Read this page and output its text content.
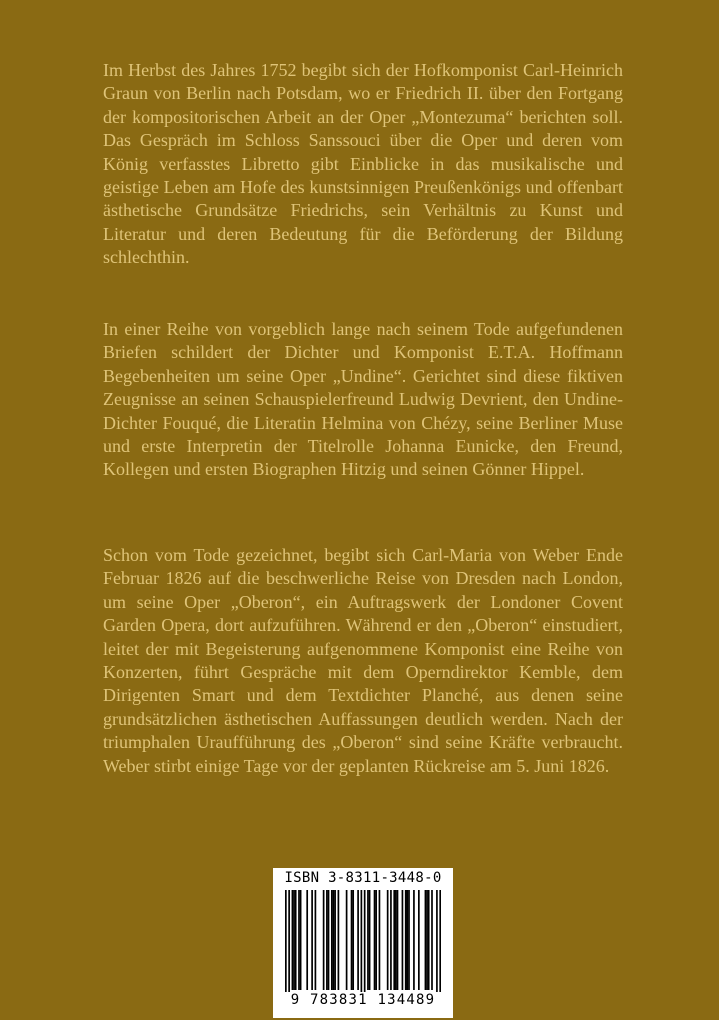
Im Herbst des Jahres 1752 begibt sich der Hofkomponist Carl-Heinrich Graun von Berlin nach Potsdam, wo er Friedrich II. über den Fortgang der kompositorischen Arbeit an der Oper „Montezuma“ berichten soll. Das Gespräch im Schloss Sanssouci über die Oper und deren vom König verfasstes Libretto gibt Einblicke in das musikalische und geistige Leben am Hofe des kunstsinnigen Preußenkönigs und offenbart ästhetische Grundsätze Friedrichs, sein Verhältnis zu Kunst und Literatur und deren Bedeutung für die Beförderung der Bildung schlechthin.

In einer Reihe von vorgeblich lange nach seinem Tode aufgefundenen Briefen schildert der Dichter und Komponist E.T.A. Hoffmann Begebenheiten um seine Oper „Undine“. Gerichtet sind diese fiktiven Zeugnisse an seinen Schauspielerfreund Ludwig Devrient, den Undine-Dichter Fouqué, die Literatin Helmina von Chézy, seine Berliner Muse und erste Interpretin der Titelrolle Johanna Eunicke, den Freund, Kollegen und ersten Biographen Hitzig und seinen Gönner Hippel.

Schon vom Tode gezeichnet, begibt sich Carl-Maria von Weber Ende Februar 1826 auf die beschwerliche Reise von Dresden nach London, um seine Oper „Oberon“, ein Auftragswerk der Londoner Covent Garden Opera, dort aufzuführen. Während er den „Oberon“ einstudiert, leitet der mit Begeisterung aufgenommene Komponist eine Reihe von Konzerten, führt Gespräche mit dem Operndirektor Kemble, dem Dirigenten Smart und dem Textdichter Planché, aus denen seine grundsätzlichen ästhetischen Auffassungen deutlich werden. Nach der triumphalen Uraufführung des „Oberon“ sind seine Kräfte verbraucht. Weber stirbt einige Tage vor der geplanten Rückreise am 5. Juni 1826.

ISBN 3-8311-3448-0
9 783831 134489
